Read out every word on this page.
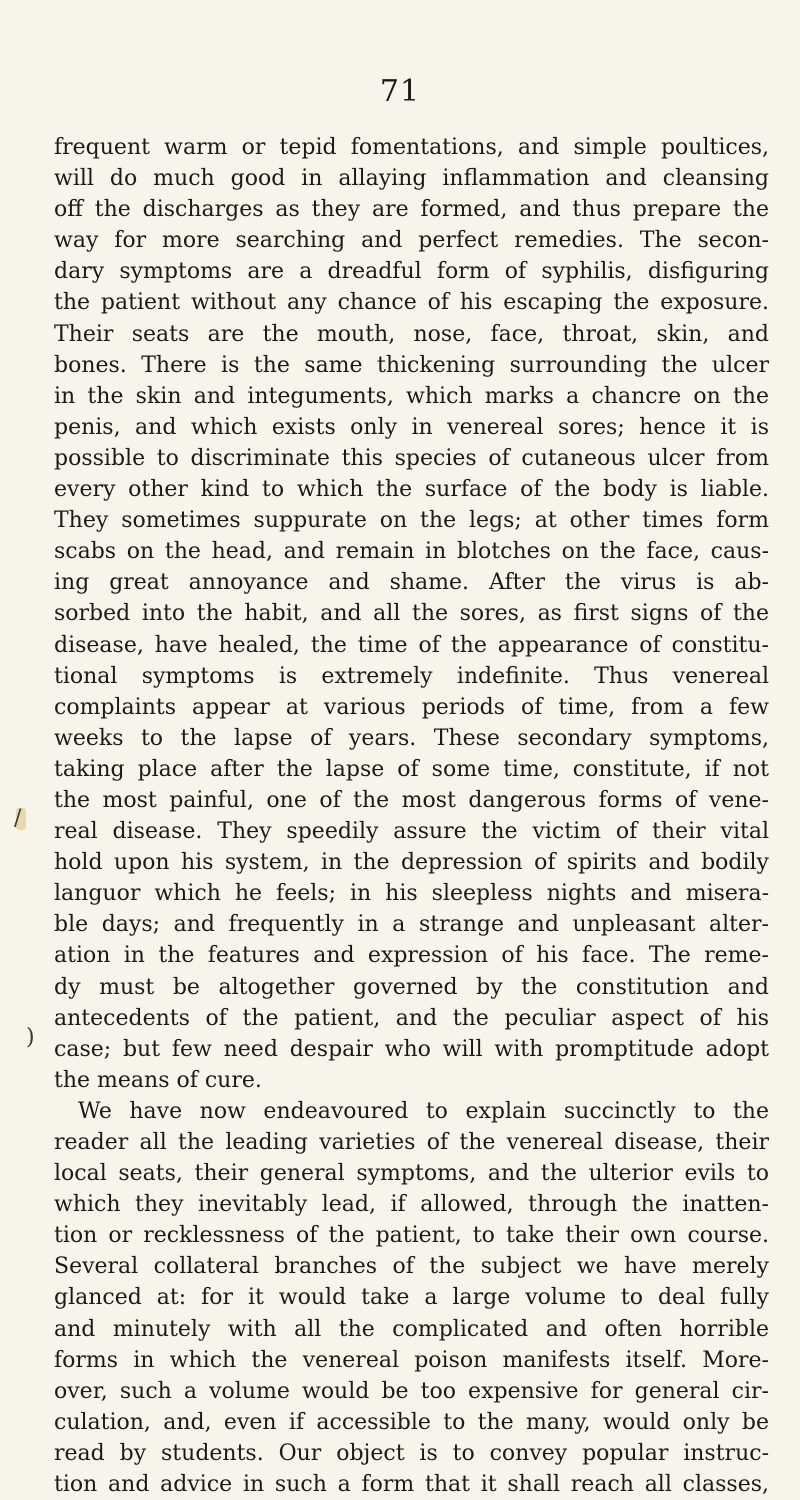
71
/
)
frequent warm or tepid fomentations, and simple poultices,
will do much good in allaying inflammation and cleansing
off the discharges as they are formed, and thus prepare the
way for more searching and perfect remedies. The secon-
dary symptoms are a dreadful form of syphilis, disfiguring
the patient without any chance of his escaping the exposure.
Their seats are the mouth, nose, face, throat, skin, and
bones. There is the same thickening surrounding the ulcer
in the skin and integuments, which marks a chancre on the
penis, and which exists only in venereal sores; hence it is
possible to discriminate this species of cutaneous ulcer from
every other kind to which the surface of the body is liable.
They sometimes suppurate on the legs; at other times form
scabs on the head, and remain in blotches on the face, caus-
ing great annoyance and shame. After the virus is ab-
sorbed into the habit, and all the sores, as first signs of the
disease, have healed, the time of the appearance of constitu-
tional symptoms is extremely indefinite. Thus venereal
complaints appear at various periods of time, from a few
weeks to the lapse of years. These secondary symptoms,
taking place after the lapse of some time, constitute, if not
the most painful, one of the most dangerous forms of vene-
real disease. They speedily assure the victim of their vital
hold upon his system, in the depression of spirits and bodily
languor which he feels; in his sleepless nights and misera-
ble days; and frequently in a strange and unpleasant alter-
ation in the features and expression of his face. The reme-
dy must be altogether governed by the constitution and
antecedents of the patient, and the peculiar aspect of his
case; but few need despair who will with promptitude adopt
the means of cure.
We have now endeavoured to explain succinctly to the
reader all the leading varieties of the venereal disease, their
local seats, their general symptoms, and the ulterior evils to
which they inevitably lead, if allowed, through the inatten-
tion or recklessness of the patient, to take their own course.
Several collateral branches of the subject we have merely
glanced at: for it would take a large volume to deal fully
and minutely with all the complicated and often horrible
forms in which the venereal poison manifests itself. More-
over, such a volume would be too expensive for general cir-
culation, and, even if accessible to the many, would only be
read by students. Our object is to convey popular instruc-
tion and advice in such a form that it shall reach all classes,
